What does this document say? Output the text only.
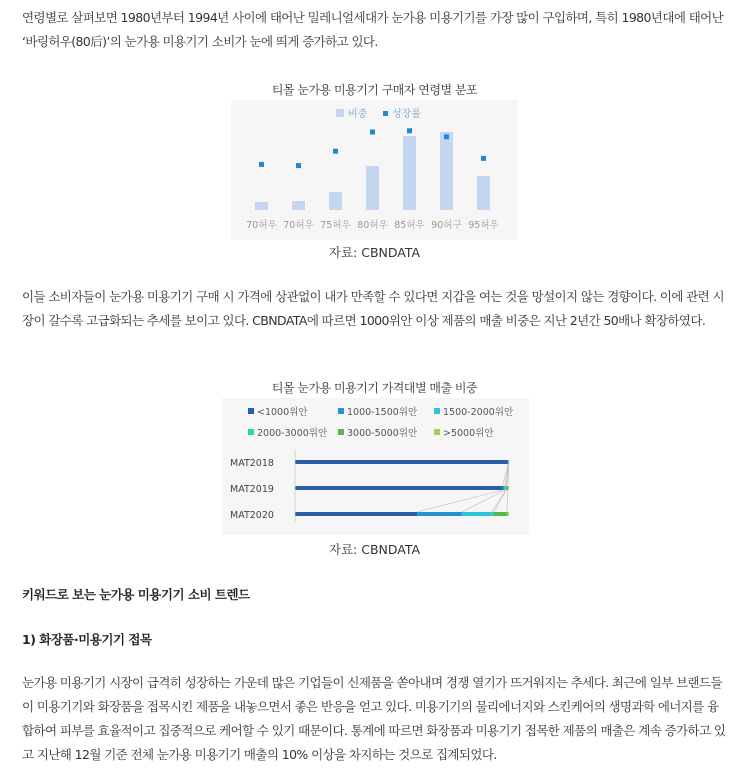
연령별로 살펴보면 1980년부터 1994년 사이에 태어난 밀레니얼세대가 눈가용 미용기기를 가장 많이 구입하며, 특히 1980년대에 태어난 ‘바링허우(80后)’의 눈가용 미용기기 소비가 눈에 띄게 증가하고 있다.

티몰 눈가용 미용기기 구매자 연령별 분포
비중 성장률
70허우 70허우 75허우 80허우 85허우 90허구 95허우
자료: CBNDATA

이들 소비자들이 눈가용 미용기기 구매 시 가격에 상관없이 내가 만족할 수 있다면 지갑을 여는 것을 망설이지 않는 경향이다. 이에 관련 시장이 갈수록 고급화되는 추세를 보이고 있다. CBNDATA에 따르면 1000위안 이상 제품의 매출 비중은 지난 2년간 50배나 확장하였다.

티몰 눈가용 미용기기 가격대별 매출 비중
<1000위안	1000-1500위안	1500-2000위안
2000-3000위안 3000-5000위안	>5000위안
MAT2018
MAT2019
MAT2020
자료: CBNDATA
키워드로 보는 눈가용 미용기기 소비 트렌드
1) 화장품·미용기기 접목

눈가용 미용기기 시장이 급격히 성장하는 가운데 많은 기업들이 신제품을 쏟아내며 경쟁 열기가 뜨거워지는 추세다. 최근에 일부 브랜드들이 미용기기와 화장품을 접목시킨 제품을 내놓으면서 좋은 반응을 얻고 있다. 미용기기의 물리에너지와 스킨케어의 생명과학 에너지를 융합하여 피부를 효율적이고 집중적으로 케어할 수 있기 때문이다. 통계에 따르면 화장품과 미용기기 접목한 제품의 매출은 계속 증가하고 있고 지난해 12월 기준 전체 눈가용 미용기기 매출의 10% 이상을 차지하는 것으로 집계되었다.
